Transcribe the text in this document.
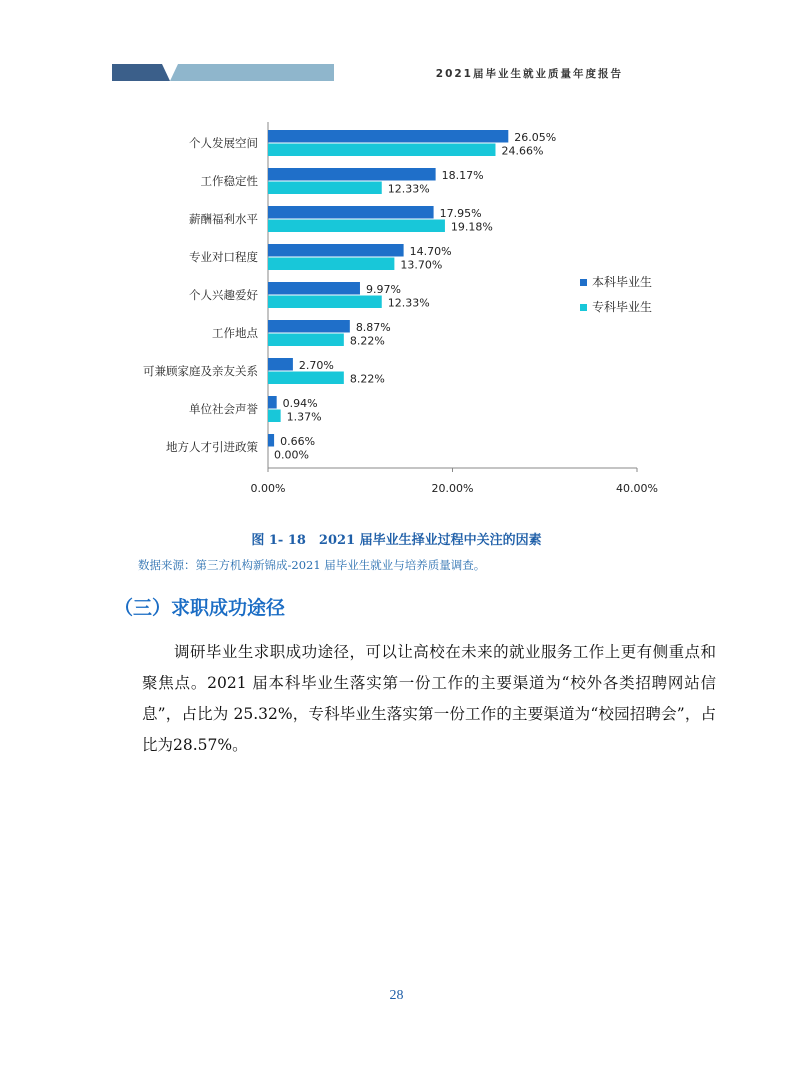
2021届毕业生就业质量年度报告
0.00%	20.00%	40.00%
个人发展空间	26.05%
24.66%
工作稳定性	18.17%
12.33%
薪酬福利水平	17.95%
19.18%
专业对口程度	14.70%
13.70%
个人兴趣爱好	9.97%
12.33%
工作地点	8.87%
8.22%
可兼顾家庭及亲友关系	2.70%
8.22%
单位社会声誉 0.94%
1.37%
地方人才引进政策 0.66%
0.00%
本科毕业生
专科毕业生
图 1- 18　2021 届毕业生择业过程中关注的因素
数据来源：第三方机构新锦成-2021 届毕业生就业与培养质量调查。
（三）求职成功途径
调研毕业生求职成功途径，可以让高校在未来的就业服务工作上更有侧重点和聚焦点。2021 届本科毕业生落实第一份工作的主要渠道为“校外各类招聘网站信息”，占比为 25.32%，专科毕业生落实第一份工作的主要渠道为“校园招聘会”，占比为28.57%。
28
